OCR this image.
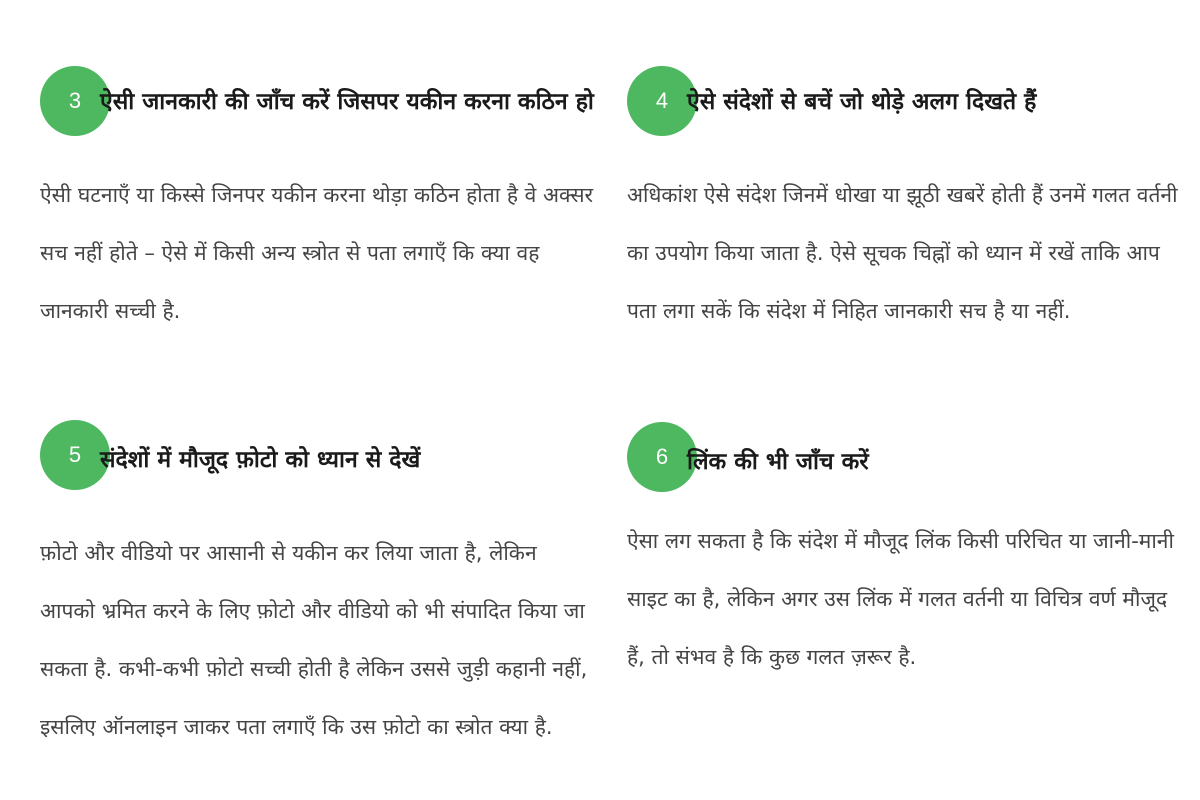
3 ऐसी जानकारी की जाँच करें जिसपर यकीन करना कठिन हो

ऐसी घटनाएँ या किस्से जिनपर यकीन करना थोड़ा कठिन होता है वे अक्सर
सच नहीं होते – ऐसे में किसी अन्य स्त्रोत से पता लगाएँ कि क्या वह
जानकारी सच्ची है.

4 ऐसे संदेशों से बचें जो थोड़े अलग दिखते हैं

अधिकांश ऐसे संदेश जिनमें धोखा या झूठी खबरें होती हैं उनमें गलत वर्तनी
का उपयोग किया जाता है. ऐसे सूचक चिह्नों को ध्यान में रखें ताकि आप
पता लगा सकें कि संदेश में निहित जानकारी सच है या नहीं.

5 संदेशों में मौजूद फ़ोटो को ध्यान से देखें

फ़ोटो और वीडियो पर आसानी से यकीन कर लिया जाता है, लेकिन
आपको भ्रमित करने के लिए फ़ोटो और वीडियो को भी संपादित किया जा
सकता है. कभी-कभी फ़ोटो सच्ची होती है लेकिन उससे जुड़ी कहानी नहीं,
इसलिए ऑनलाइन जाकर पता लगाएँ कि उस फ़ोटो का स्त्रोत क्या है.

6 लिंक की भी जाँच करें

ऐसा लग सकता है कि संदेश में मौजूद लिंक किसी परिचित या जानी-मानी
साइट का है, लेकिन अगर उस लिंक में गलत वर्तनी या विचित्र वर्ण मौजूद
हैं, तो संभव है कि कुछ गलत ज़रूर है.
